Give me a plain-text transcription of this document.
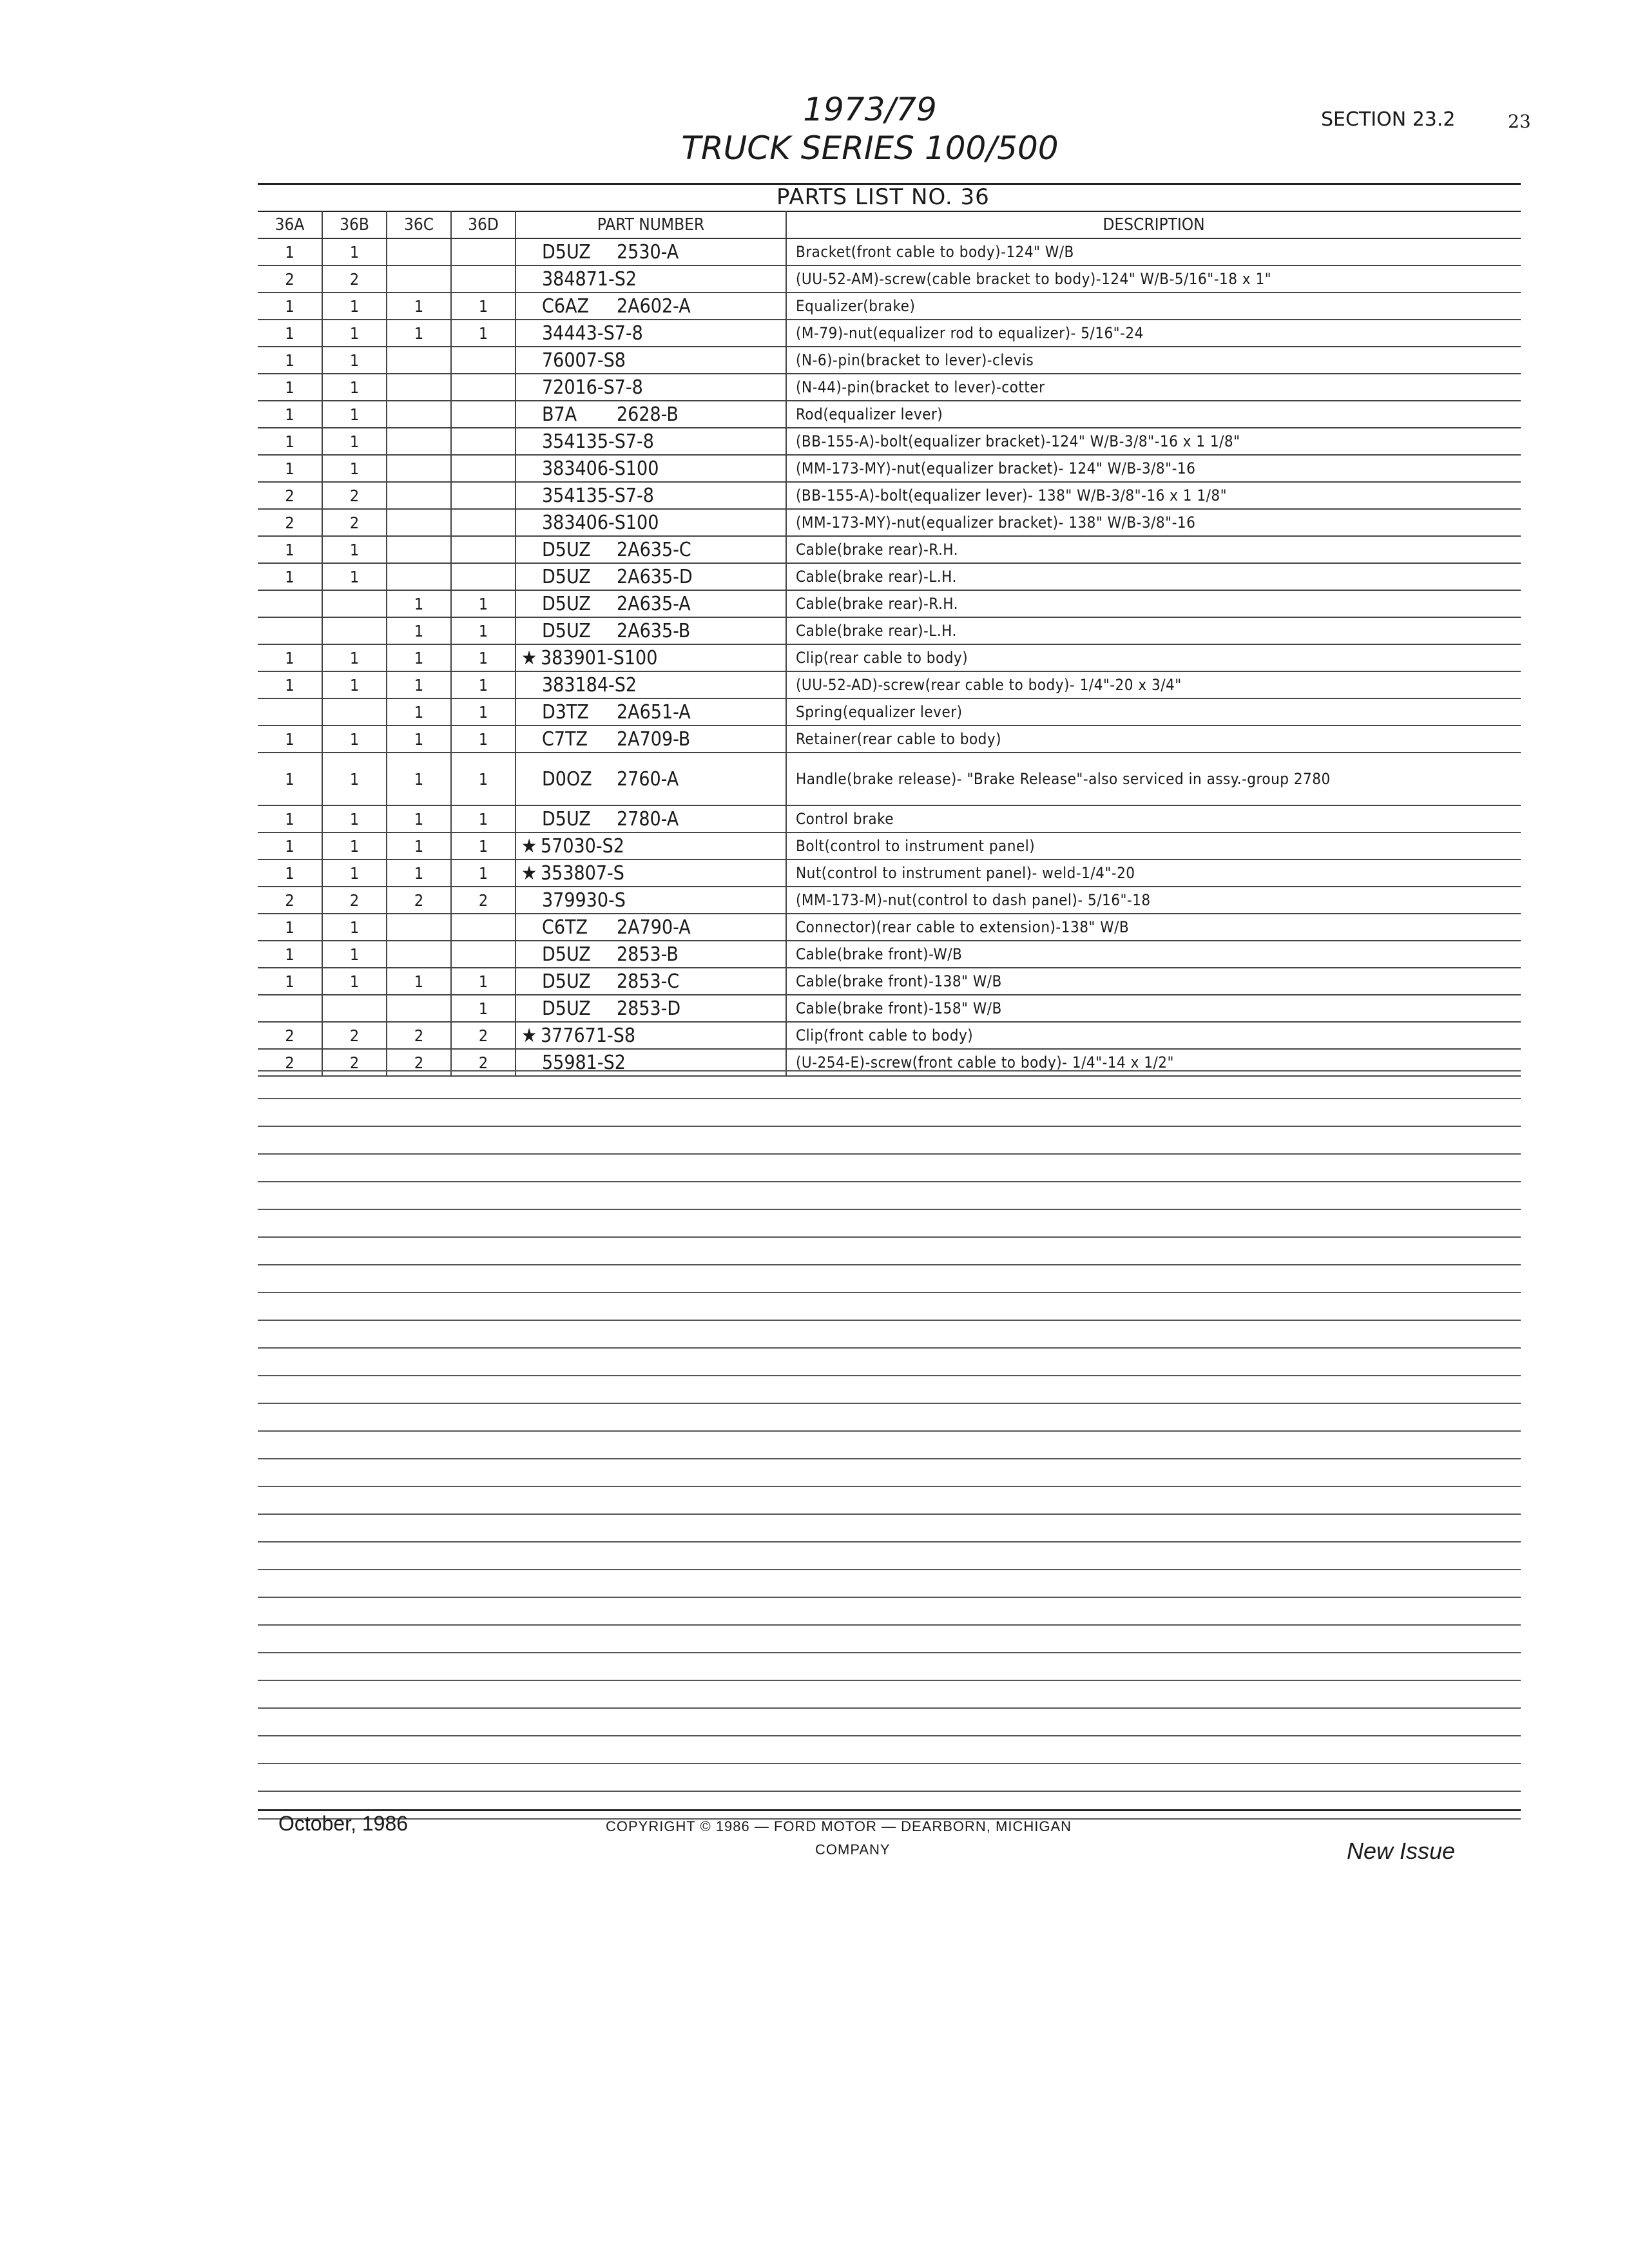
1973/79
TRUCK SERIES 100/500
SECTION 23.2	23
PARTS LIST NO. 36
36A	36B	36C	36D	PART NUMBER	DESCRIPTION
1	1			D5UZ 2530-A	Bracket(front cable to body)-124" W/B
2	2			384871-S2	(UU-52-AM)-screw(cable bracket to body)-124" W/B-5/16"-18 x 1"
1	1	1	1	C6AZ 2A602-A	Equalizer(brake)
1	1	1	1	34443-S7-8	(M-79)-nut(equalizer rod to equalizer)- 5/16"-24
1	1			76007-S8	(N-6)-pin(bracket to lever)-clevis
1	1			72016-S7-8	(N-44)-pin(bracket to lever)-cotter
1	1			B7A 2628-B	Rod(equalizer lever)
1	1			354135-S7-8	(BB-155-A)-bolt(equalizer bracket)-124" W/B-3/8"-16 x 1 1/8"
1	1			383406-S100	(MM-173-MY)-nut(equalizer bracket)- 124" W/B-3/8"-16
2	2			354135-S7-8	(BB-155-A)-bolt(equalizer lever)- 138" W/B-3/8"-16 x 1 1/8"
2	2			383406-S100	(MM-173-MY)-nut(equalizer bracket)- 138" W/B-3/8"-16
1	1			D5UZ 2A635-C	Cable(brake rear)-R.H.
1	1			D5UZ 2A635-D	Cable(brake rear)-L.H.
		1	1	D5UZ 2A635-A	Cable(brake rear)-R.H.
		1	1	D5UZ 2A635-B	Cable(brake rear)-L.H.
1	1	1	1	★ 383901-S100	Clip(rear cable to body)
1	1	1	1	383184-S2	(UU-52-AD)-screw(rear cable to body)- 1/4"-20 x 3/4"
		1	1	D3TZ 2A651-A	Spring(equalizer lever)
1	1	1	1	C7TZ 2A709-B	Retainer(rear cable to body)
1	1	1	1	D0OZ 2760-A	Handle(brake release)- "Brake Release"-also serviced in assy.-group 2780
1	1	1	1	D5UZ 2780-A	Control brake
1	1	1	1	★ 57030-S2	Bolt(control to instrument panel)
1	1	1	1	★ 353807-S	Nut(control to instrument panel)- weld-1/4"-20
2	2	2	2	379930-S	(MM-173-M)-nut(control to dash panel)- 5/16"-18
1	1			C6TZ 2A790-A	Connector)(rear cable to extension)-138" W/B
1	1			D5UZ 2853-B	Cable(brake front)-W/B
1	1	1	1	D5UZ 2853-C	Cable(brake front)-138" W/B
			1	D5UZ 2853-D	Cable(brake front)-158" W/B
2	2	2	2	★ 377671-S8	Clip(front cable to body)
2	2	2	2	55981-S2	(U-254-E)-screw(front cable to body)- 1/4"-14 x 1/2"
October, 1986	COPYRIGHT © 1986 — FORD MOTOR — DEARBORN, MICHIGAN
COMPANY	New Issue
